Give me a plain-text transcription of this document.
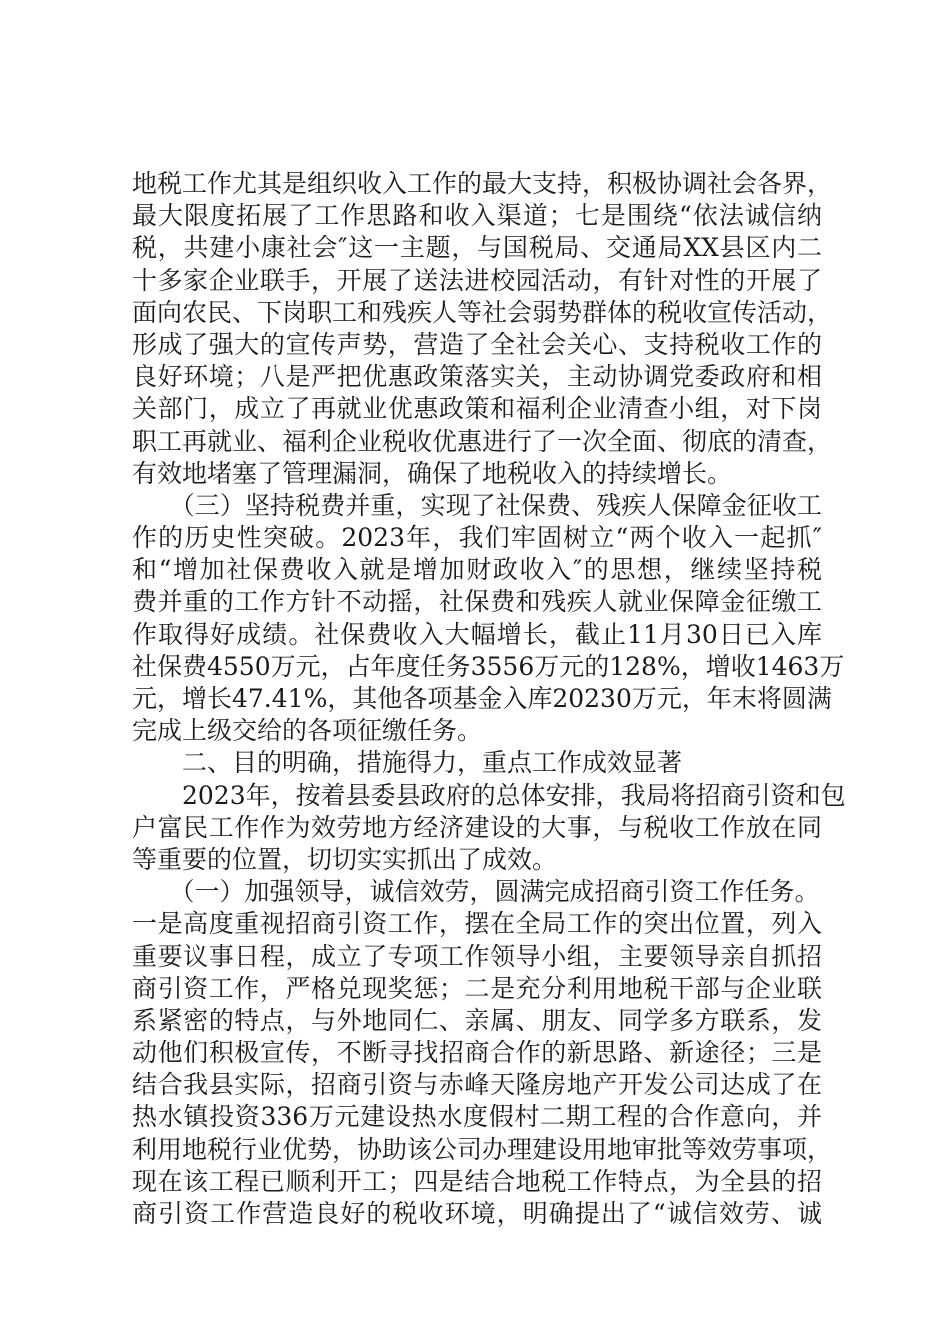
地税工作尤其是组织收入工作的最大支持，积极协调社会各界，
最大限度拓展了工作思路和收入渠道；七是围绕“依法诚信纳
税，共建小康社会″这一主题，与国税局、交通局XX县区内二
十多家企业联手，开展了送法进校园活动，有针对性的开展了
面向农民、下岗职工和残疾人等社会弱势群体的税收宣传活动，
形成了强大的宣传声势，营造了全社会关心、支持税收工作的
良好环境；八是严把优惠政策落实关，主动协调党委政府和相
关部门，成立了再就业优惠政策和福利企业清查小组，对下岗
职工再就业、福利企业税收优惠进行了一次全面、彻底的清查，
有效地堵塞了管理漏洞，确保了地税收入的持续增长。
　　（三）坚持税费并重，实现了社保费、残疾人保障金征收工
作的历史性突破。2023年，我们牢固树立“两个收入一起抓″
和“增加社保费收入就是增加财政收入″的思想，继续坚持税
费并重的工作方针不动摇，社保费和残疾人就业保障金征缴工
作取得好成绩。社保费收入大幅增长，截止11月30日已入库
社保费4550万元，占年度任务3556万元的128%，增收1463万
元，增长47.41%，其他各项基金入库20230万元，年末将圆满
完成上级交给的各项征缴任务。
　　二、目的明确，措施得力，重点工作成效显著
　　2023年，按着县委县政府的总体安排，我局将招商引资和包
户富民工作作为效劳地方经济建设的大事，与税收工作放在同
等重要的位置，切切实实抓出了成效。
　　（一）加强领导，诚信效劳，圆满完成招商引资工作任务。
一是高度重视招商引资工作，摆在全局工作的突出位置，列入
重要议事日程，成立了专项工作领导小组，主要领导亲自抓招
商引资工作，严格兑现奖惩；二是充分利用地税干部与企业联
系紧密的特点，与外地同仁、亲属、朋友、同学多方联系，发
动他们积极宣传，不断寻找招商合作的新思路、新途径；三是
结合我县实际，招商引资与赤峰天隆房地产开发公司达成了在
热水镇投资336万元建设热水度假村二期工程的合作意向，并
利用地税行业优势，协助该公司办理建设用地审批等效劳事项，
现在该工程已顺利开工；四是结合地税工作特点，为全县的招
商引资工作营造良好的税收环境，明确提出了“诚信效劳、诚
